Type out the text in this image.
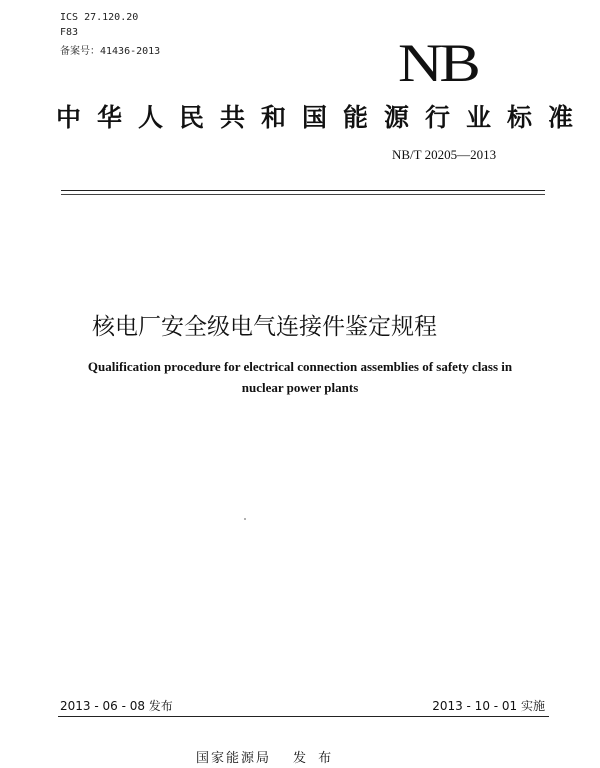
ICS 27.120.20
F83
备案号：41436-2013	NB
中华人民共和国能源行业标准
NB/T 20205—2013
核电厂安全级电气连接件鉴定规程
Qualification procedure for electrical connection assemblies of safety class in
nuclear power plants
2013 - 06 - 08 发布	2013 - 10 - 01 实施
国家能源局 发 布
